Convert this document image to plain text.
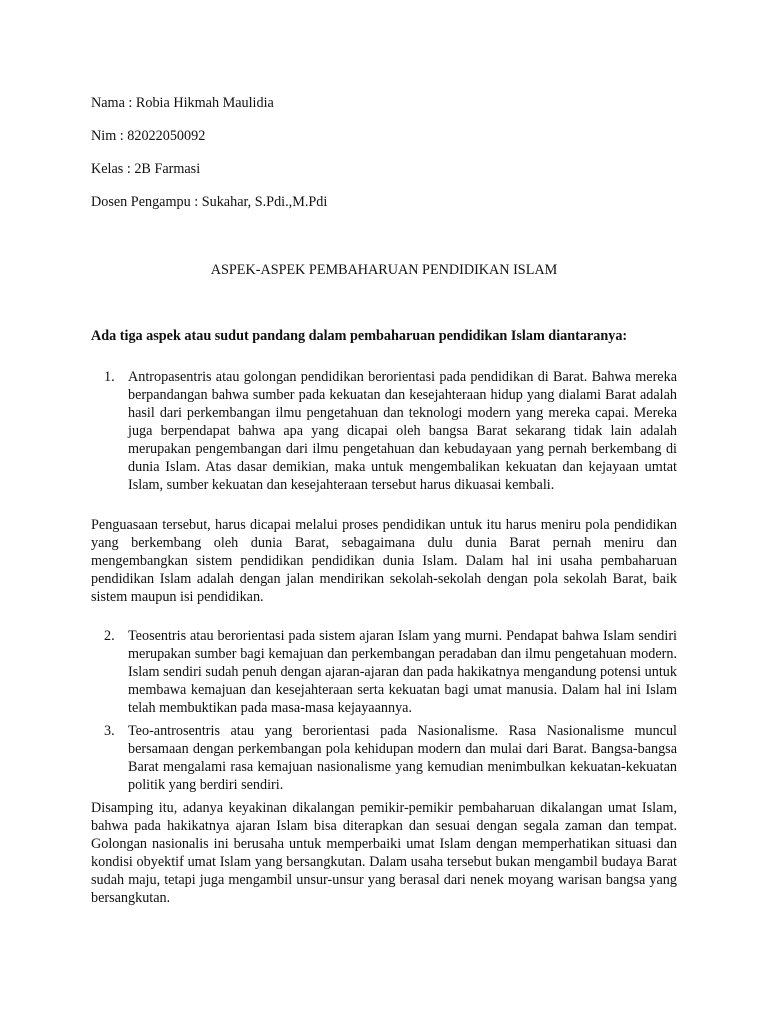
Nama : Robia Hikmah Maulidia
Nim : 82022050092
Kelas : 2B Farmasi
Dosen Pengampu : Sukahar, S.Pdi.,M.Pdi
ASPEK-ASPEK PEMBAHARUAN PENDIDIKAN ISLAM
Ada tiga aspek atau sudut pandang dalam pembaharuan pendidikan Islam diantaranya:
1. Antropasentris atau golongan pendidikan berorientasi pada pendidikan di Barat. Bahwa mereka berpandangan bahwa sumber pada kekuatan dan kesejahteraan hidup yang dialami Barat adalah hasil dari perkembangan ilmu pengetahuan dan teknologi modern yang mereka capai. Mereka juga berpendapat bahwa apa yang dicapai oleh bangsa Barat sekarang tidak lain adalah merupakan pengembangan dari ilmu pengetahuan dan kebudayaan yang pernah berkembang di dunia Islam. Atas dasar demikian, maka untuk mengembalikan kekuatan dan kejayaan umtat Islam, sumber kekuatan dan kesejahteraan tersebut harus dikuasai kembali.
Penguasaan tersebut, harus dicapai melalui proses pendidikan untuk itu harus meniru pola pendidikan yang berkembang oleh dunia Barat, sebagaimana dulu dunia Barat pernah meniru dan mengembangkan sistem pendidikan pendidikan dunia Islam. Dalam hal ini usaha pembaharuan pendidikan Islam adalah dengan jalan mendirikan sekolah-sekolah dengan pola sekolah Barat, baik sistem maupun isi pendidikan.
2. Teosentris atau berorientasi pada sistem ajaran Islam yang murni. Pendapat bahwa Islam sendiri merupakan sumber bagi kemajuan dan perkembangan peradaban dan ilmu pengetahuan modern. Islam sendiri sudah penuh dengan ajaran-ajaran dan pada hakikatnya mengandung potensi untuk membawa kemajuan dan kesejahteraan serta kekuatan bagi umat manusia. Dalam hal ini Islam telah membuktikan pada masa-masa kejayaannya.
3. Teo-antrosentris atau yang berorientasi pada Nasionalisme. Rasa Nasionalisme muncul bersamaan dengan perkembangan pola kehidupan modern dan mulai dari Barat. Bangsa-bangsa Barat mengalami rasa kemajuan nasionalisme yang kemudian menimbulkan kekuatan-kekuatan politik yang berdiri sendiri.
Disamping itu, adanya keyakinan dikalangan pemikir-pemikir pembaharuan dikalangan umat Islam, bahwa pada hakikatnya ajaran Islam bisa diterapkan dan sesuai dengan segala zaman dan tempat. Golongan nasionalis ini berusaha untuk memperbaiki umat Islam dengan memperhatikan situasi dan kondisi obyektif umat Islam yang bersangkutan. Dalam usaha tersebut bukan mengambil budaya Barat sudah maju, tetapi juga mengambil unsur-unsur yang berasal dari nenek moyang warisan bangsa yang bersangkutan.
